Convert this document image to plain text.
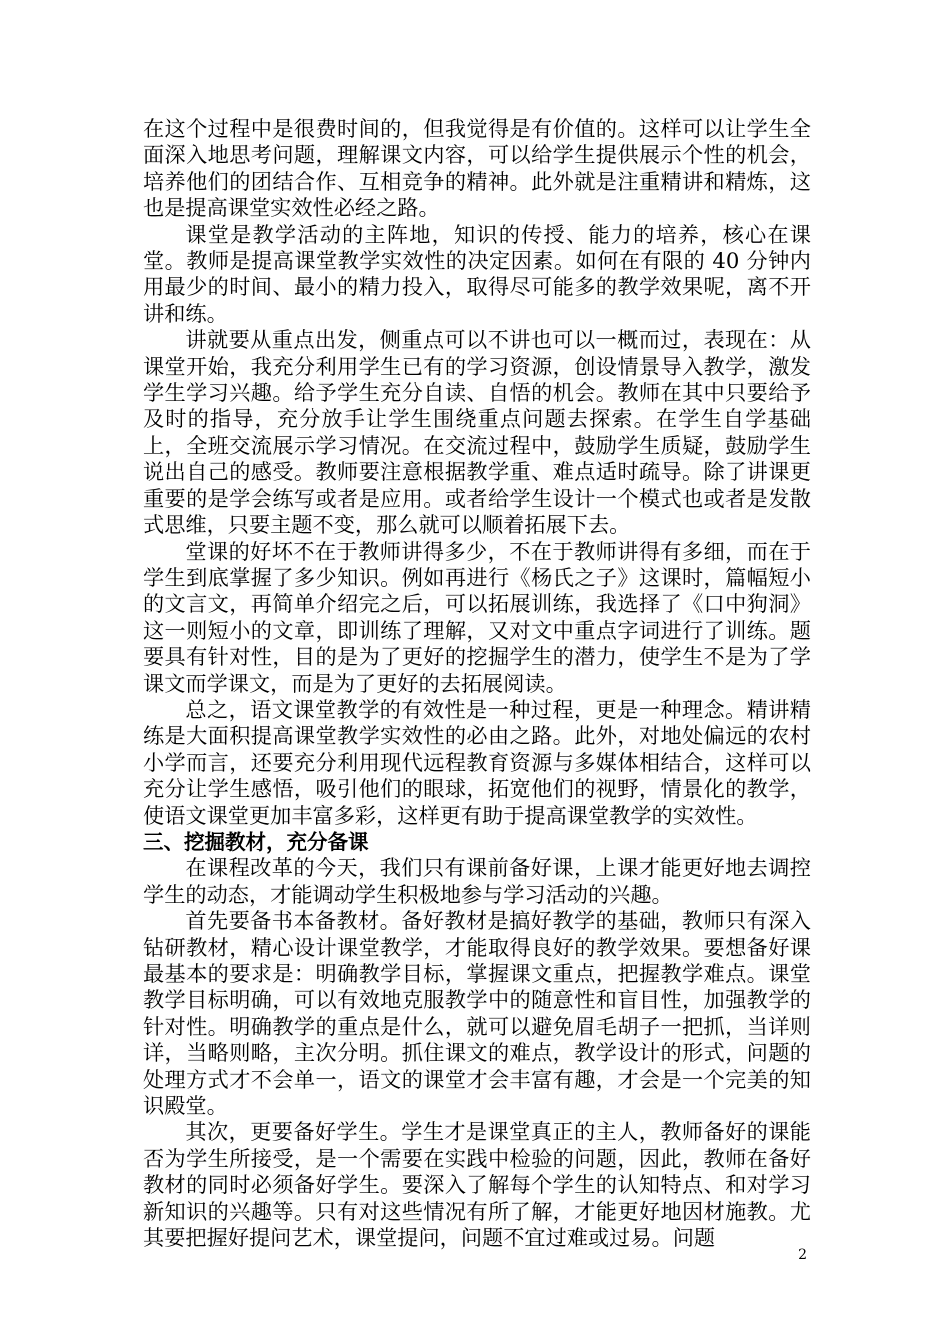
在这个过程中是很费时间的，但我觉得是有价值的。这样可以让学生全面深入地思考问题，理解课文内容，可以给学生提供展示个性的机会，培养他们的团结合作、互相竞争的精神。此外就是注重精讲和精炼，这也是提高课堂实效性必经之路。

课堂是教学活动的主阵地，知识的传授、能力的培养，核心在课堂。教师是提高课堂教学实效性的决定因素。如何在有限的 40 分钟内用最少的时间、最小的精力投入，取得尽可能多的教学效果呢，离不开讲和练。

讲就要从重点出发，侧重点可以不讲也可以一概而过，表现在：从课堂开始，我充分利用学生已有的学习资源，创设情景导入教学，激发学生学习兴趣。给予学生充分自读、自悟的机会。教师在其中只要给予及时的指导，充分放手让学生围绕重点问题去探索。在学生自学基础上，全班交流展示学习情况。在交流过程中，鼓励学生质疑，鼓励学生说出自己的感受。教师要注意根据教学重、难点适时疏导。除了讲课更重要的是学会练写或者是应用。或者给学生设计一个模式也或者是发散式思维，只要主题不变，那么就可以顺着拓展下去。

堂课的好坏不在于教师讲得多少，不在于教师讲得有多细，而在于学生到底掌握了多少知识。例如再进行《杨氏之子》这课时，篇幅短小的文言文，再简单介绍完之后，可以拓展训练，我选择了《口中狗洞》这一则短小的文章，即训练了理解，又对文中重点字词进行了训练。题要具有针对性，目的是为了更好的挖掘学生的潜力，使学生不是为了学课文而学课文，而是为了更好的去拓展阅读。

总之，语文课堂教学的有效性是一种过程，更是一种理念。精讲精练是大面积提高课堂教学实效性的必由之路。此外，对地处偏远的农村小学而言，还要充分利用现代远程教育资源与多媒体相结合，这样可以充分让学生感悟，吸引他们的眼球，拓宽他们的视野，情景化的教学，使语文课堂更加丰富多彩，这样更有助于提高课堂教学的实效性。

三、挖掘教材，充分备课

在课程改革的今天，我们只有课前备好课，上课才能更好地去调控学生的动态，才能调动学生积极地参与学习活动的兴趣。

首先要备书本备教材。备好教材是搞好教学的基础，教师只有深入钻研教材，精心设计课堂教学，才能取得良好的教学效果。要想备好课最基本的要求是：明确教学目标，掌握课文重点，把握教学难点。课堂教学目标明确，可以有效地克服教学中的随意性和盲目性，加强教学的针对性。明确教学的重点是什么，就可以避免眉毛胡子一把抓，当详则详，当略则略，主次分明。抓住课文的难点，教学设计的形式，问题的处理方式才不会单一，语文的课堂才会丰富有趣，才会是一个完美的知识殿堂。

其次，更要备好学生。学生才是课堂真正的主人，教师备好的课能否为学生所接受，是一个需要在实践中检验的问题，因此，教师在备好教材的同时必须备好学生。要深入了解每个学生的认知特点、和对学习新知识的兴趣等。只有对这些情况有所了解，才能更好地因材施教。尤其要把握好提问艺术，课堂提问，问题不宜过难或过易。问题

2
